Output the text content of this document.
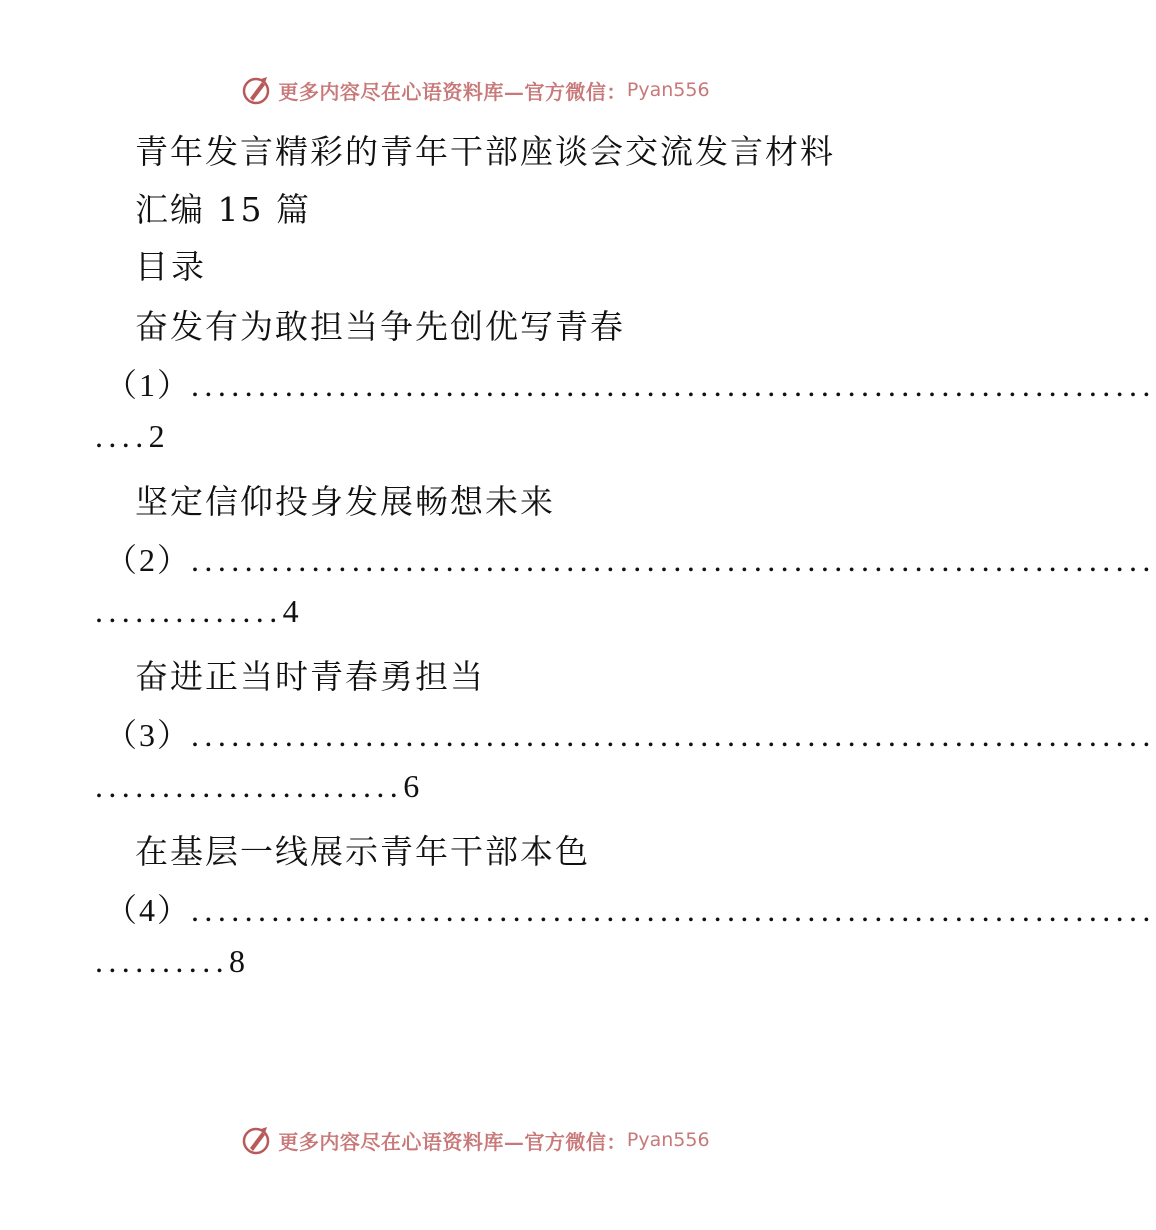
更多内容尽在心语资料库—官方微信： Pyan556
青年发言精彩的青年干部座谈会交流发言材料
汇编 15 篇
目录
奋发有为敢担当争先创优写青春
（1）........................................................................
....2
坚定信仰投身发展畅想未来
（2）........................................................................
..............4
奋进正当时青春勇担当
（3）........................................................................
.......................6
在基层一线展示青年干部本色
（4）........................................................................
..........8
更多内容尽在心语资料库—官方微信： Pyan556
